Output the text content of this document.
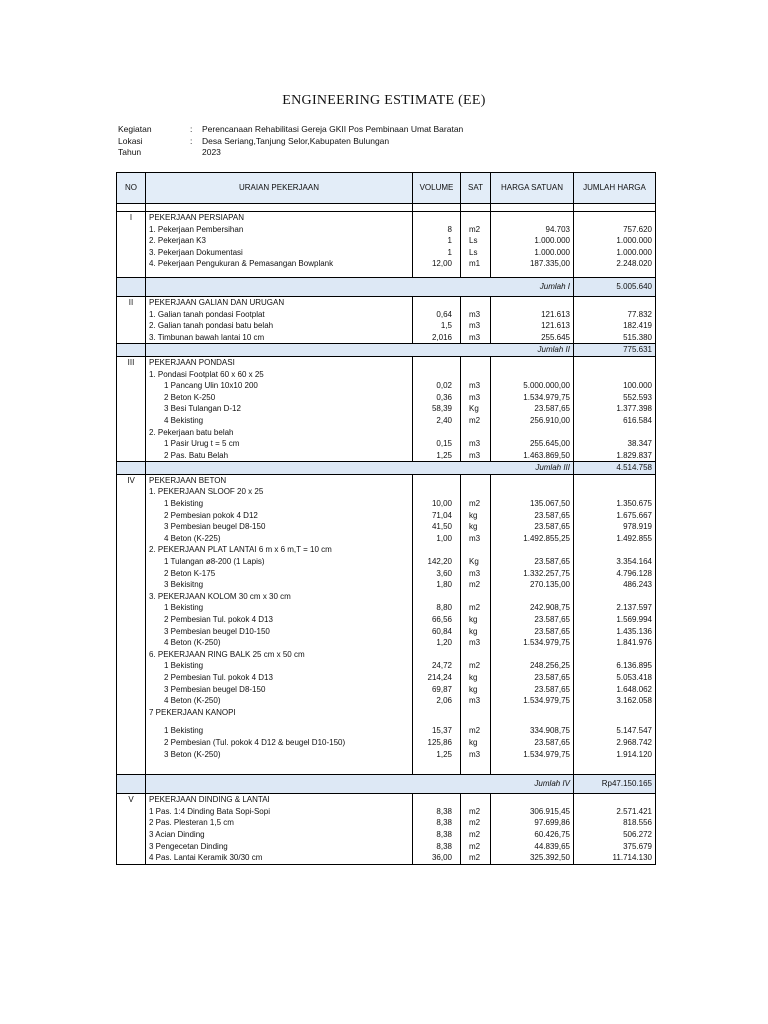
ENGINEERING ESTIMATE (EE)
Kegiatan	:	Perencanaan Rehabilitasi Gereja GKII Pos Pembinaan Umat Baratan
Lokasi	:	Desa Seriang,Tanjung Selor,Kabupaten Bulungan
Tahun	2023
NO	URAIAN PEKERJAAN	VOLUME	SAT	HARGA SATUAN	JUMLAH HARGA

I	PEKERJAAN PERSIAPAN				
	1. Pekerjaan Pembersihan	8	m2	94.703	757.620
	2. Pekerjaan K3	1	Ls	1.000.000	1.000.000
	3. Pekerjaan Dokumentasi	1	Ls	1.000.000	1.000.000
	4. Pekerjaan Pengukuran & Pemasangan Bowplank	12,00	m1	187.335,00	2.248.020

	Jumlah I				5.005.640
II	PEKERJAAN GALIAN DAN URUGAN				
	1. Galian tanah pondasi Footplat	0,64	m3	121.613	77.832
	2. Galian tanah pondasi batu belah	1,5	m3	121.613	182.419
	3. Timbunan bawah lantai 10 cm	2,016	m3	255.645	515.380
	Jumlah II				775.631
III	PEKERJAAN PONDASI				
	1. Pondasi Footplat 60 x 60 x 25				
	1 Pancang Ulin 10x10 200	0,02	m3	5.000.000,00	100.000
	2 Beton K-250	0,36	m3	1.534.979,75	552.593
	3 Besi Tulangan D-12	58,39	Kg	23.587,65	1.377.398
	4 Bekisting	2,40	m2	256.910,00	616.584
	2. Pekerjaan batu belah				
	1 Pasir Urug t = 5 cm	0,15	m3	255.645,00	38.347
	2 Pas. Batu Belah	1,25	m3	1.463.869,50	1.829.837
	Jumlah III				4.514.758
IV	PEKERJAAN BETON				
	1. PEKERJAAN SLOOF 20 x 25				
	1 Bekisting	10,00	m2	135.067,50	1.350.675
	2 Pembesian pokok 4 D12	71,04	kg	23.587,65	1.675.667
	3 Pembesian beugel D8-150	41,50	kg	23.587,65	978.919
	4 Beton (K-225)	1,00	m3	1.492.855,25	1.492.855
	2. PEKERJAAN PLAT LANTAI 6 m x 6 m,T = 10 cm				
	1 Tulangan ø8-200 (1 Lapis)	142,20	Kg	23.587,65	3.354.164
	2 Beton K-175	3,60	m3	1.332.257,75	4.796.128
	3 Bekisitng	1,80	m2	270.135,00	486.243
	3. PEKERJAAN KOLOM 30 cm x 30 cm				
	1 Bekisting	8,80	m2	242.908,75	2.137.597
	2 Pembesian Tul. pokok 4 D13	66,56	kg	23.587,65	1.569.994
	3 Pembesian beugel D10-150	60,84	kg	23.587,65	1.435.136
	4 Beton (K-250)	1,20	m3	1.534.979,75	1.841.976
	6. PEKERJAAN RING BALK 25 cm x 50 cm				
	1 Bekisting	24,72	m2	248.256,25	6.136.895
	2 Pembesian Tul. pokok 4 D13	214,24	kg	23.587,65	5.053.418
	3 Pembesian beugel D8-150	69,87	kg	23.587,65	1.648.062
	4 Beton (K-250)	2,06	m3	1.534.979,75	3.162.058
	7 PEKERJAAN KANOPI				

	1 Bekisting	15,37	m2	334.908,75	5.147.547
	2 Pembesian (Tul. pokok 4 D12 & beugel D10-150)	125,86	kg	23.587,65	2.968.742
	3 Beton (K-250)	1,25	m3	1.534.979,75	1.914.120

	Jumlah IV				Rp47.150.165
V	PEKERJAAN DINDING & LANTAI				
	1 Pas. 1:4 Dinding Bata Sopi-Sopi	8,38	m2	306.915,45	2.571.421
	2 Pas. Plesteran 1,5 cm	8,38	m2	97.699,86	818.556
	3 Acian Dinding	8,38	m2	60.426,75	506.272
	3 Pengecetan Dinding	8,38	m2	44.839,65	375.679
	4 Pas. Lantai Keramik 30/30 cm	36,00	m2	325.392,50	11.714.130
